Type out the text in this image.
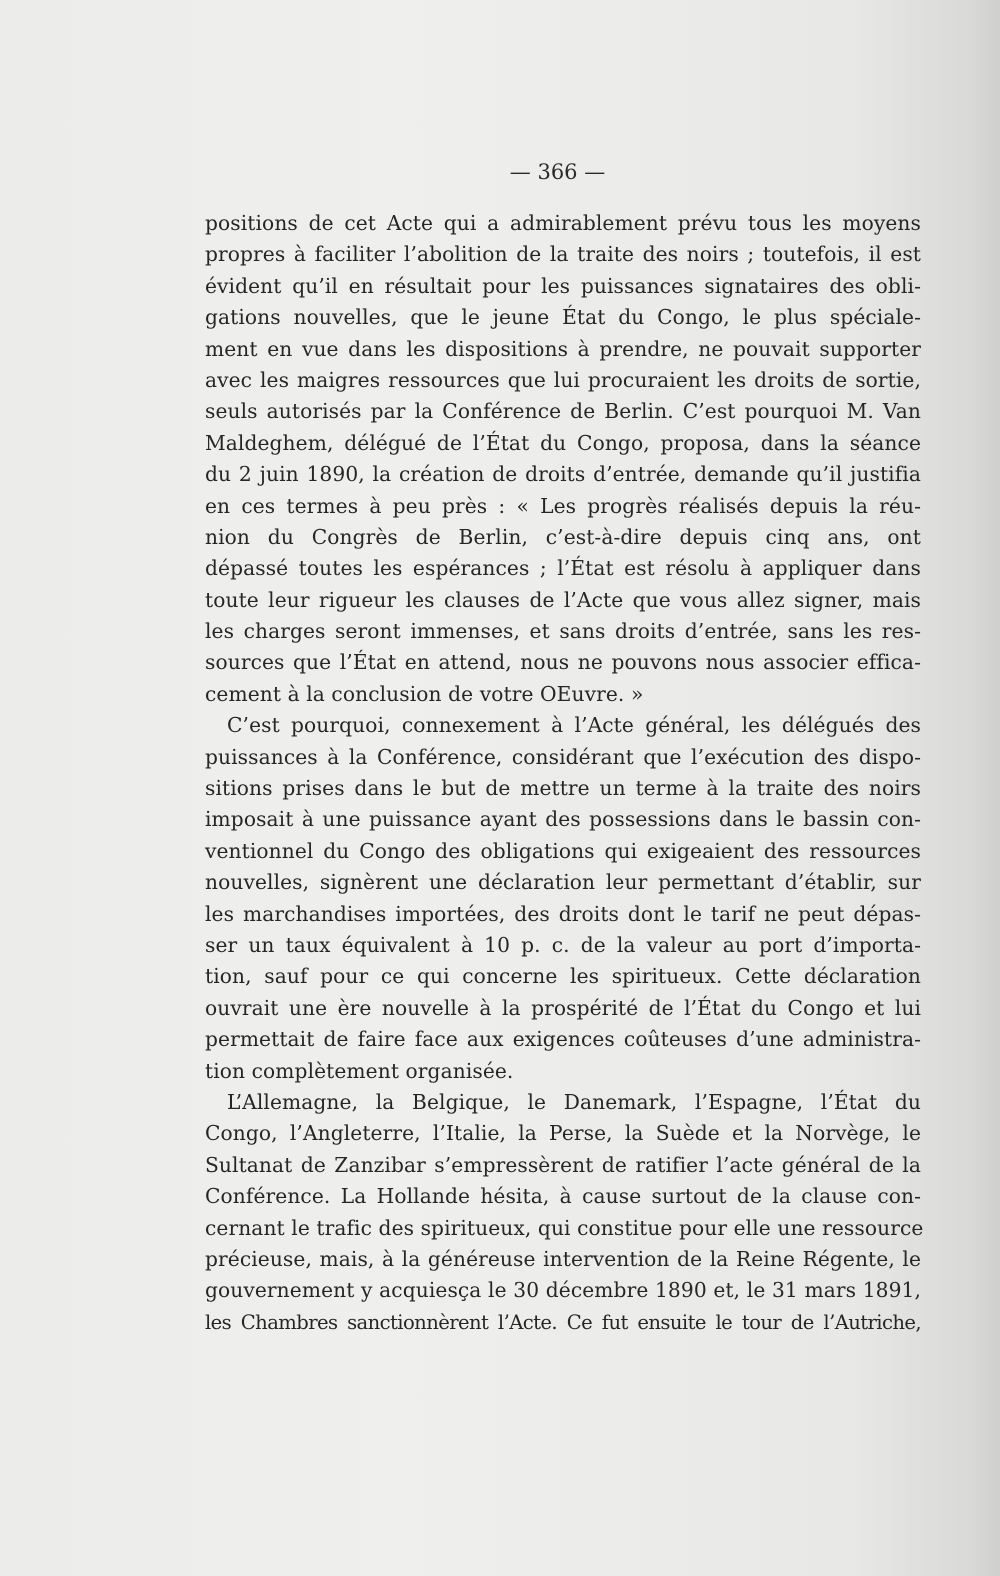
— 366 —
positions de cet Acte qui a admirablement prévu tous les moyens
propres à faciliter l’abolition de la traite des noirs ; toutefois, il est
évident qu’il en résultait pour les puissances signataires des obli-
gations nouvelles, que le jeune État du Congo, le plus spéciale-
ment en vue dans les dispositions à prendre, ne pouvait supporter
avec les maigres ressources que lui procuraient les droits de sortie,
seuls autorisés par la Conférence de Berlin. C’est pourquoi M. Van
Maldeghem, délégué de l’État du Congo, proposa, dans la séance
du 2 juin 1890, la création de droits d’entrée, demande qu’il justifia
en ces termes à peu près : « Les progrès réalisés depuis la réu-
nion du Congrès de Berlin, c’est-à-dire depuis cinq ans, ont
dépassé toutes les espérances ; l’État est résolu à appliquer dans
toute leur rigueur les clauses de l’Acte que vous allez signer, mais
les charges seront immenses, et sans droits d’entrée, sans les res-
sources que l’État en attend, nous ne pouvons nous associer effica-
cement à la conclusion de votre OEuvre. »
C’est pourquoi, connexement à l’Acte général, les délégués des
puissances à la Conférence, considérant que l’exécution des dispo-
sitions prises dans le but de mettre un terme à la traite des noirs
imposait à une puissance ayant des possessions dans le bassin con-
ventionnel du Congo des obligations qui exigeaient des ressources
nouvelles, signèrent une déclaration leur permettant d’établir, sur
les marchandises importées, des droits dont le tarif ne peut dépas-
ser un taux équivalent à 10 p. c. de la valeur au port d’importa-
tion, sauf pour ce qui concerne les spiritueux. Cette déclaration
ouvrait une ère nouvelle à la prospérité de l’État du Congo et lui
permettait de faire face aux exigences coûteuses d’une administra-
tion complètement organisée.
L’Allemagne, la Belgique, le Danemark, l’Espagne, l’État du
Congo, l’Angleterre, l’Italie, la Perse, la Suède et la Norvège, le
Sultanat de Zanzibar s’empressèrent de ratifier l’acte général de la
Conférence. La Hollande hésita, à cause surtout de la clause con-
cernant le trafic des spiritueux, qui constitue pour elle une ressource
précieuse, mais, à la généreuse intervention de la Reine Régente, le
gouvernement y acquiesça le 30 décembre 1890 et, le 31 mars 1891,
les Chambres sanctionnèrent l’Acte. Ce fut ensuite le tour de l’Autriche,
